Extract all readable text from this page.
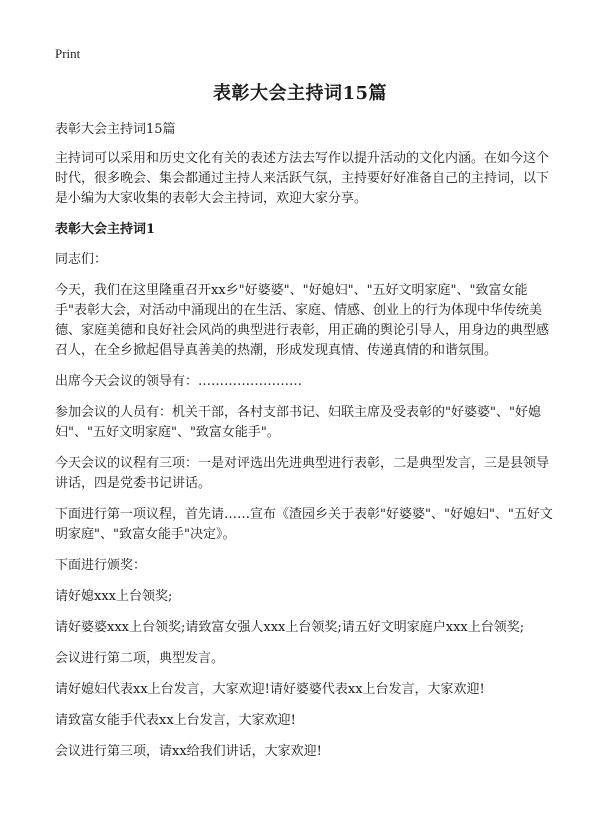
Print
表彰大会主持词15篇

表彰大会主持词15篇

主持词可以采用和历史文化有关的表述方法去写作以提升活动的文化内涵。在如今这个时代，很多晚会、集会都通过主持人来活跃气氛，主持要好好准备自己的主持词，以下是小编为大家收集的表彰大会主持词，欢迎大家分享。

表彰大会主持词1

同志们：

今天，我们在这里隆重召开xx乡"好婆婆"、"好媳妇"、"五好文明家庭"、"致富女能手"表彰大会，对活动中涌现出的在生活、家庭、情感、创业上的行为体现中华传统美德、家庭美德和良好社会风尚的典型进行表彰，用正确的舆论引导人，用身边的典型感召人，在全乡掀起倡导真善美的热潮，形成发现真情、传递真情的和谐氛围。

出席今天会议的领导有：……………………

参加会议的人员有：机关干部，各村支部书记、妇联主席及受表彰的"好婆婆"、"好媳妇"、"五好文明家庭"、"致富女能手"。

今天会议的议程有三项：一是对评选出先进典型进行表彰，二是典型发言，三是县领导讲话，四是党委书记讲话。

下面进行第一项议程，首先请……宣布《渣园乡关于表彰"好婆婆"、"好媳妇"、"五好文明家庭"、"致富女能手"决定》。

下面进行颁奖：

请好媳xxx上台领奖;

请好婆婆xxx上台领奖;请致富女强人xxx上台领奖;请五好文明家庭户xxx上台领奖;

会议进行第二项，典型发言。

请好媳妇代表xx上台发言，大家欢迎!请好婆婆代表xx上台发言，大家欢迎!

请致富女能手代表xx上台发言，大家欢迎!

会议进行第三项，请xx给我们讲话，大家欢迎!
